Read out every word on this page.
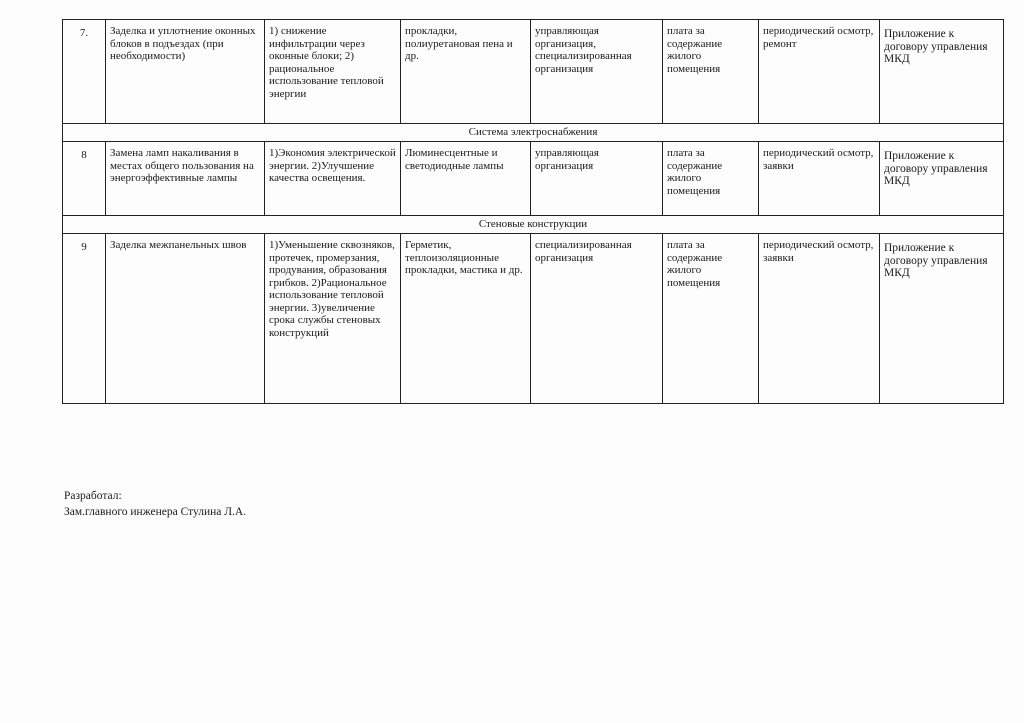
7.	Заделка и уплотнение оконных блоков в подъездах (при необходимости)	1) снижение инфильтрации через оконные блоки; 2) рациональное использование тепловой энергии	прокладки, полиуретановая пена и др.	управляющая организация, специализированная организация	плата за содержание жилого помещения	периодический осмотр, ремонт	Приложение к договору управления МКД
Система электроснабжения							
8	Замена ламп накаливания в местах общего пользования на энергоэффективные лампы	1)Экономия электрической энергии. 2)Улучшение качества освещения.	Люминесцентные и светодиодные лампы	управляющая организация	плата за содержание жилого помещения	периодический осмотр, заявки	Приложение к договору управления МКД
Стеновые конструкции							
9	Заделка межпанельных швов	1)Уменьшение сквозняков, протечек, промерзания, продувания, образования грибков. 2)Рациональное использование тепловой энергии. 3)увеличение срока службы стеновых конструкций	Герметик, теплоизоляционные прокладки, мастика и др.	специализированная организация	плата за содержание жилого помещения	периодический осмотр, заявки	Приложение к договору управления МКД
Разработал:
Зам.главного инженера Стулина Л.А.
